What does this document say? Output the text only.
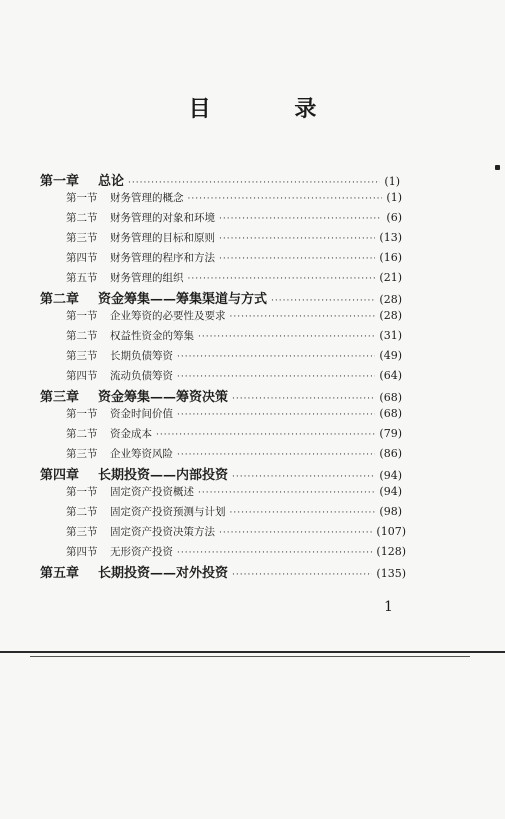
目 录
第一章	总论 ·····	(1)
第一节	财务管理的概念 ·····	(1)
第二节	财务管理的对象和环境 ·····	(6)
第三节	财务管理的目标和原则 ·····	(13)
第四节	财务管理的程序和方法 ·····	(16)
第五节	财务管理的组织 ·····	(21)
第二章	资金筹集——筹集渠道与方式 ·····	(28)
第一节	企业筹资的必要性及要求 ·····	(28)
第二节	权益性资金的筹集 ·····	(31)
第三节	长期负债筹资 ·····	(49)
第四节	流动负债筹资 ·····	(64)
第三章	资金筹集——筹资决策 ·····	(68)
第一节	资金时间价值 ·····	(68)
第二节	资金成本 ·····	(79)
第三节	企业筹资风险 ·····	(86)
第四章	长期投资——内部投资 ·····	(94)
第一节	固定资产投资概述 ·····	(94)
第二节	固定资产投资预测与计划 ·····	(98)
第三节	固定资产投资决策方法 ·····	(107)
第四节	无形资产投资 ·····	(128)
第五章	长期投资——对外投资 ·····	(135)
1
